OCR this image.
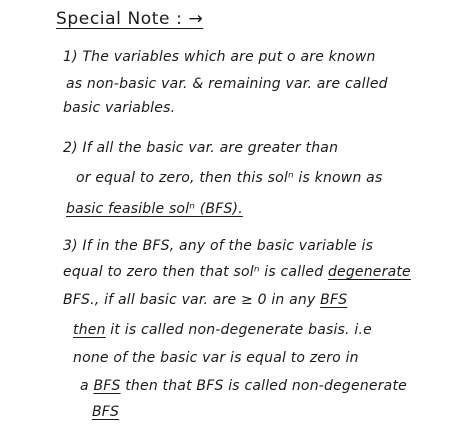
Special Note : →
1) The variables which are put o are known
as non-basic var. & remaining var. are called
basic variables.
2) If all the basic var. are greater than
or equal to zero, then this solⁿ is known as
basic feasible solⁿ (BFS).
3) If in the BFS, any of the basic variable is
equal to zero then that solⁿ is called degenerate
BFS., if all basic var. are ≥ 0 in any BFS
then it is called non-degenerate basis. i.e
none of the basic var is equal to zero in
a BFS then that BFS is called non-degenerate
BFS
